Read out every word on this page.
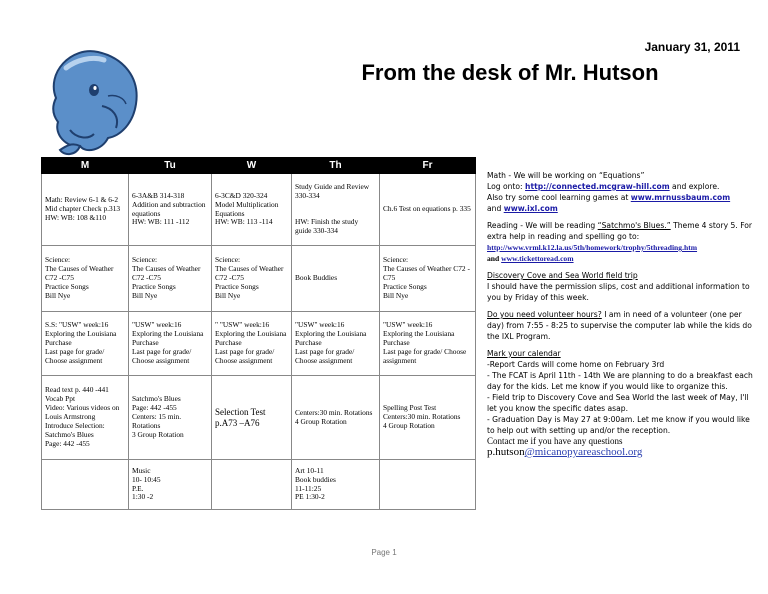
January 31, 2011
From the desk of Mr. Hutson
M	Tu	W	Th	Fr

Math: Review 6-1 & 6-2
Mid chapter Check p.313
HW: WB: 108 &110	6-3A&B 314-318
Addition and subtraction equations
HW: WB: 111 -112	6-3C&D 320-324
Model Multiplication Equations
HW: WB: 113 -114	Study Guide and Review 330-334

HW: Finish the study guide 330-334	Ch.6 Test on equations p. 335

Science:
The Causes of Weather C72 -C75
Practice Songs
Bill Nye	Science:
The Causes of Weather C72 -C75
Practice Songs
Bill Nye	Science:
The Causes of Weather C72 -C75
Practice Songs
Bill Nye	Book Buddies	Science:
The Causes of Weather C72 -C75
Practice Songs
Bill Nye

S.S: "USW" week:16
Exploring the Louisiana Purchase
Last page for grade/ Choose assignment	"USW" week:16
Exploring the Louisiana Purchase
Last page for grade/ Choose assignment	" "USW" week:16
Exploring the Louisiana Purchase
Last page for grade/ Choose assignment	"USW" week:16
Exploring the Louisiana Purchase
Last page for grade/ Choose assignment	"USW" week:16
Exploring the Louisiana Purchase
Last page for grade/ Choose assignment

Read text p. 440 -441
Vocab Ppt
Video: Various videos on Louis Armstrong
Introduce Selection: Satchmo's Blues
Page: 442 -455	Satchmo's Blues
Page: 442 -455
Centers: 15 min. Rotations
3 Group Rotation	Selection Test
p.A73 –A76	Centers:30 min. Rotations
4 Group Rotation	Spelling Post Test
Centers:30 min. Rotations
4 Group Rotation

	Music
10- 10:45
P.E.
1:30 -2		Art 10-11
Book buddies
11-11:25
PE 1:30-2	

Math - We will be working on “Equations”
Log onto: http://connected.mcgraw-hill.com and explore.
Also try some cool learning games at www.mrnussbaum.com
and www.ixl.com

Reading - We will be reading “Satchmo's Blues.” Theme 4 story 5. For extra help in reading and spelling go to:
http://www.vrml.k12.la.us/5th/homework/trophy/5threading.htm
and www.tickettoread.com

Discovery Cove and Sea World field trip
I should have the permission slips, cost and additional information to you by Friday of this week.

Do you need volunteer hours? I am in need of a volunteer (one per day) from 7:55 - 8:25 to supervise the computer lab while the kids do the IXL Program.

Mark your calendar
-Report Cards will come home on February 3rd
- The FCAT is April 11th - 14th We are planning to do a breakfast each day for the kids. Let me know if you would like to organize this.
- Field trip to Discovery Cove and Sea World the last week of May, I'll let you know the specific dates asap.
- Graduation Day is May 27 at 9:00am. Let me know if you would like to help out with setting up and/or the reception.
Contact me if you have any questions
p.hutson@micanopyareaschool.org

Page 1
